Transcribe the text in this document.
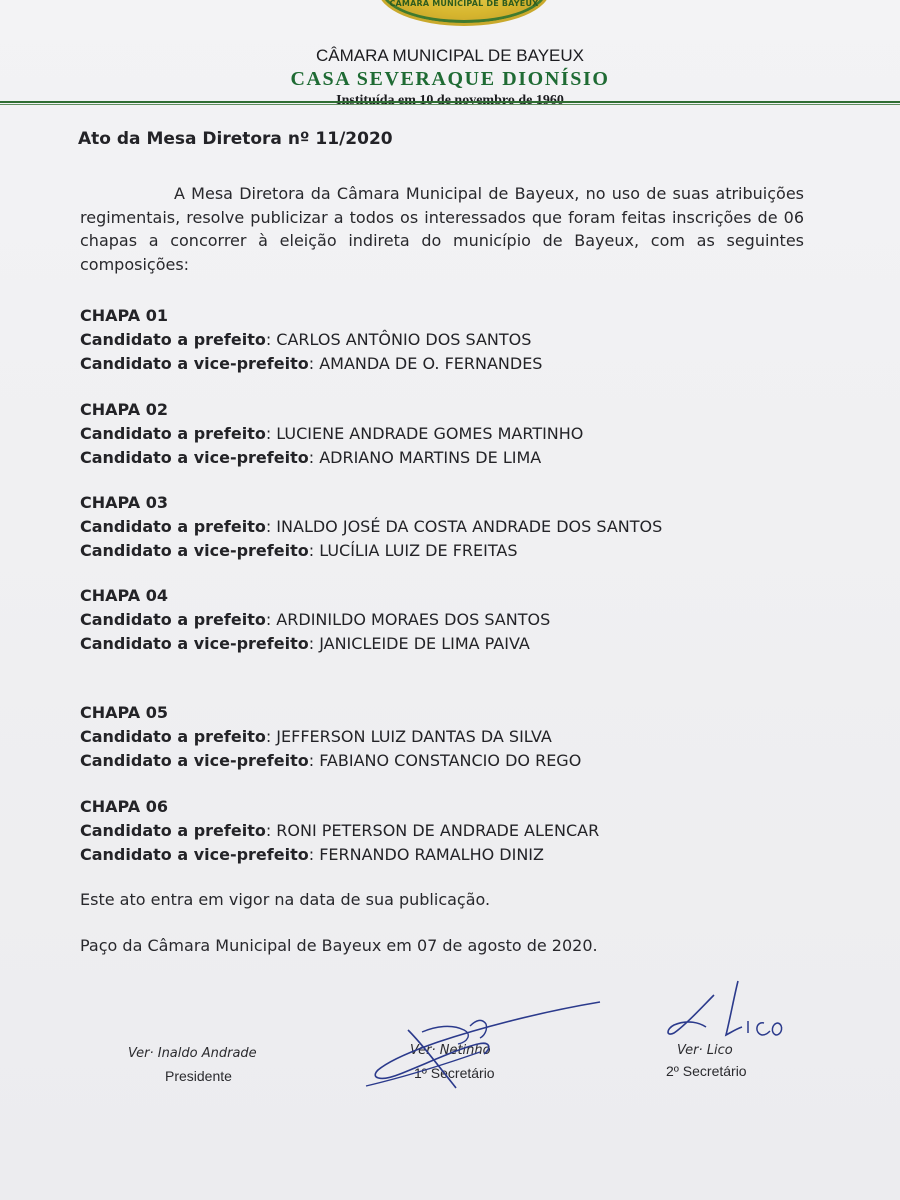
CÂMARA MUNICIPAL DE BAYEUX
CÂMARA MUNICIPAL DE BAYEUX
CASA SEVERAQUE DIONÍSIO
Instituída em 10 de novembro de 1960
Ato da Mesa Diretora nº 11/2020
A Mesa Diretora da Câmara Municipal de Bayeux, no uso de suas atribuições regimentais, resolve publicizar a todos os interessados que foram feitas inscrições de 06 chapas a concorrer à eleição indireta do município de Bayeux, com as seguintes composições:
CHAPA 01
Candidato a prefeito: CARLOS ANTÔNIO DOS SANTOS
Candidato a vice-prefeito: AMANDA DE O. FERNANDES
CHAPA 02
Candidato a prefeito: LUCIENE ANDRADE GOMES MARTINHO
Candidato a vice-prefeito: ADRIANO MARTINS DE LIMA
CHAPA 03
Candidato a prefeito: INALDO JOSÉ DA COSTA ANDRADE DOS SANTOS
Candidato a vice-prefeito: LUCÍLIA LUIZ DE FREITAS
CHAPA 04
Candidato a prefeito: ARDINILDO MORAES DOS SANTOS
Candidato a vice-prefeito: JANICLEIDE DE LIMA PAIVA
CHAPA 05
Candidato a prefeito: JEFFERSON LUIZ DANTAS DA SILVA
Candidato a vice-prefeito: FABIANO CONSTANCIO DO REGO
CHAPA 06
Candidato a prefeito: RONI PETERSON DE ANDRADE ALENCAR
Candidato a vice-prefeito: FERNANDO RAMALHO DINIZ
Este ato entra em vigor na data de sua publicação.
Paço da Câmara Municipal de Bayeux em 07 de agosto de 2020.
Ver· Inaldo Andrade
Presidente
Ver· Netinho
1º Secretário
Ver· Lico
2º Secretário
